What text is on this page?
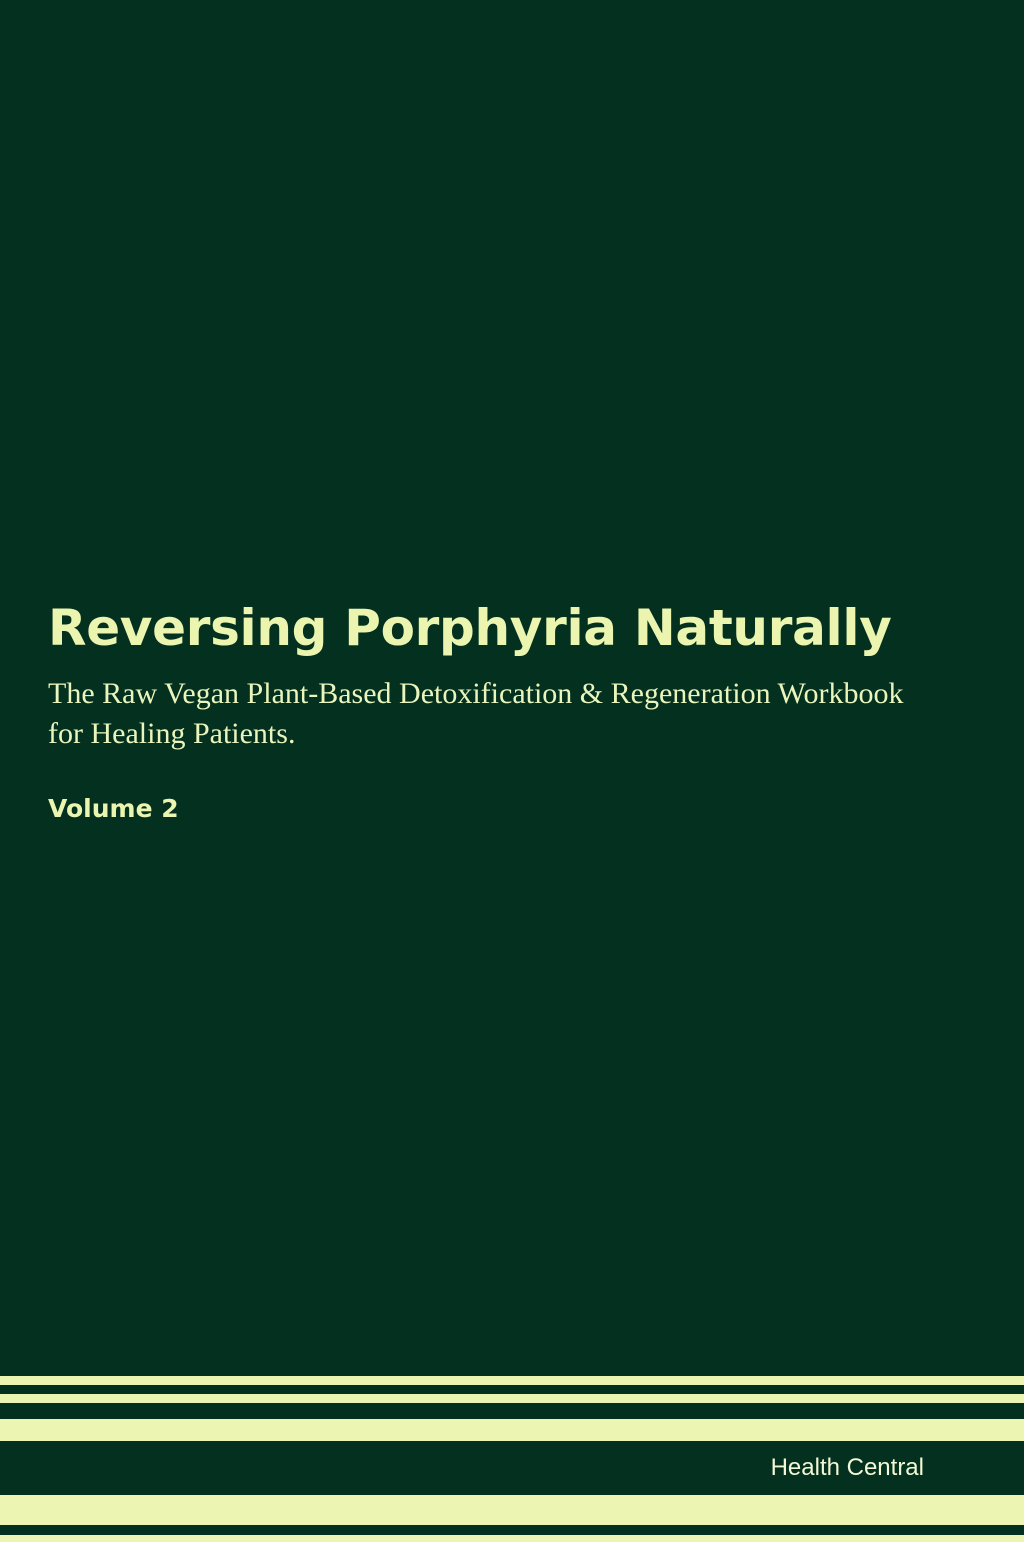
Reversing Porphyria Naturally

The Raw Vegan Plant-Based Detoxification & Regeneration Workbook for Healing Patients.

Volume 2

Health Central
